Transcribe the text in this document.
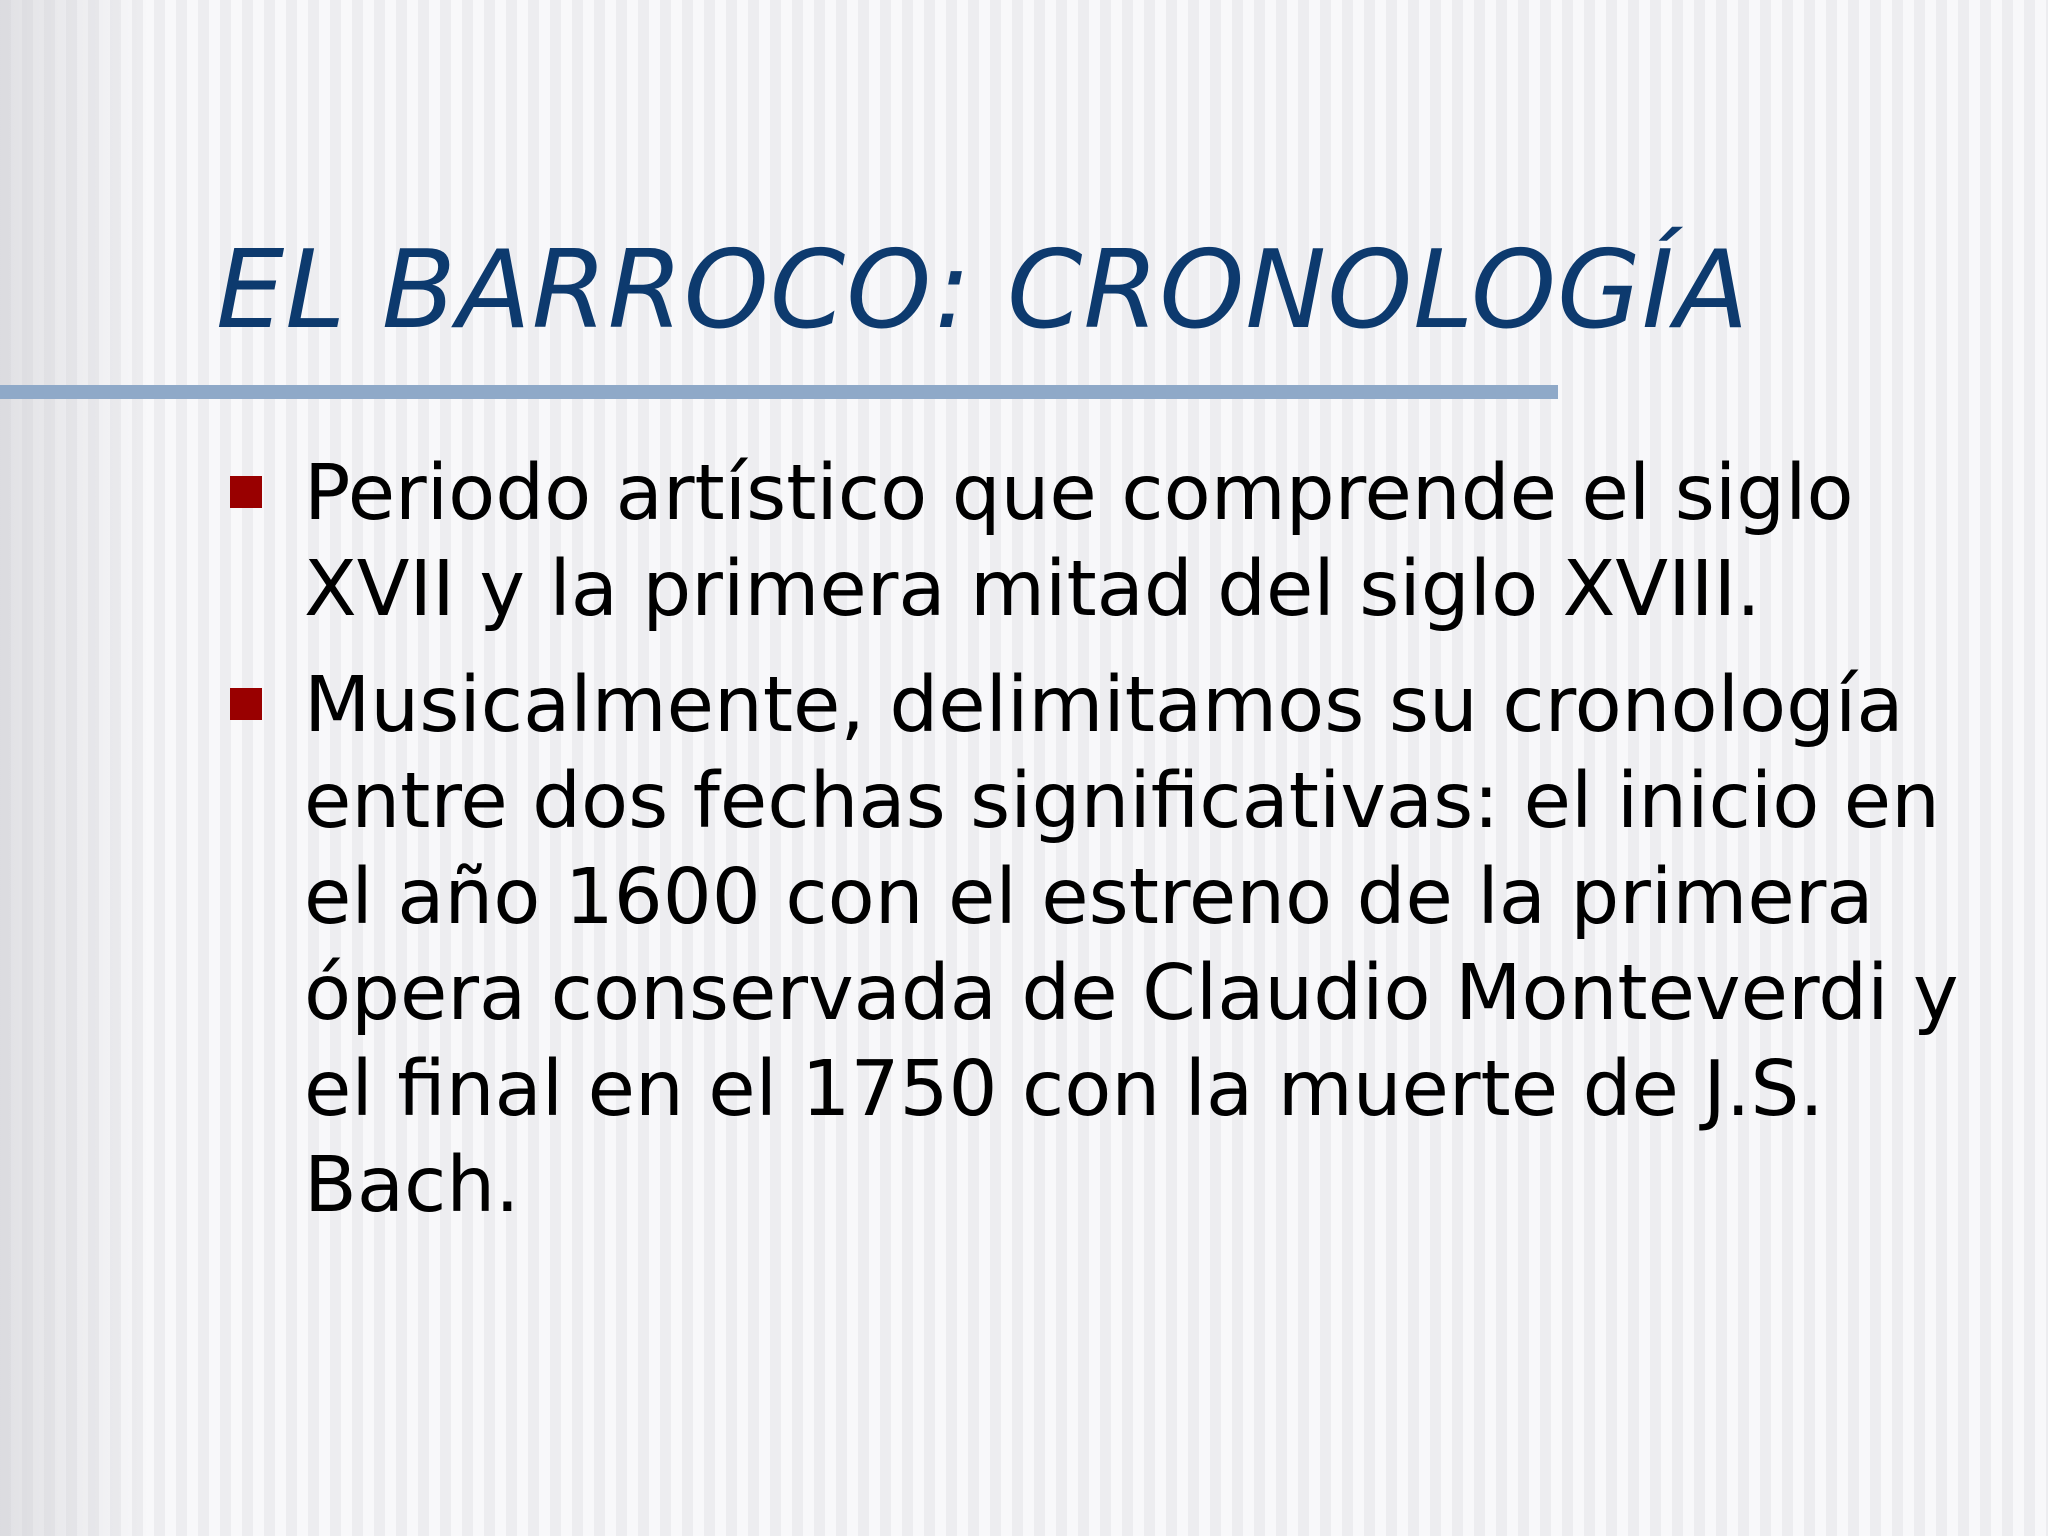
EL BARROCO: CRONOLOGÍA
Periodo artístico que comprende el siglo XVII y la primera mitad del siglo XVIII.
Musicalmente, delimitamos su cronología entre dos fechas significativas: el inicio en el año 1600 con el estreno de la primera ópera conservada de Claudio Monteverdi y el final en el 1750 con la muerte de J.S. Bach.
